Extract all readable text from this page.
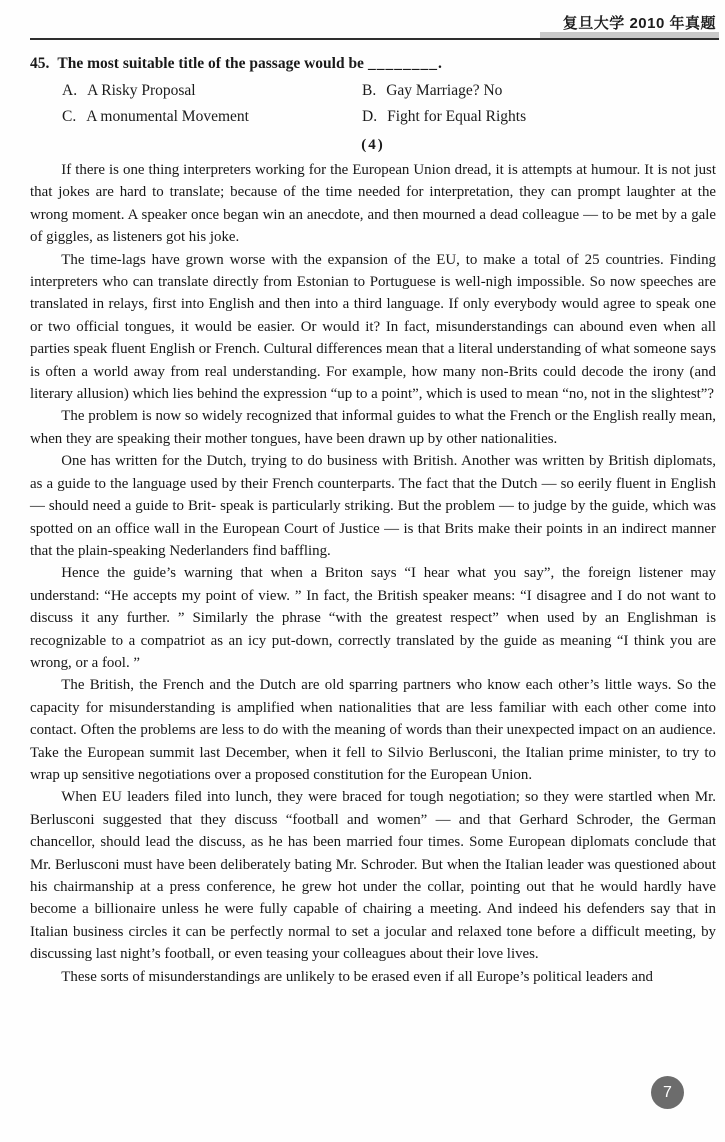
复旦大学 2010 年真题
45. The most suitable title of the passage would be ________.
A. A Risky Proposal	B. Gay Marriage? No
C. A monumental Movement	D. Fight for Equal Rights
(4)

If there is one thing interpreters working for the European Union dread, it is attempts at humour. It is not just that jokes are hard to translate; because of the time needed for interpretation, they can prompt laughter at the wrong moment. A speaker once began win an anecdote, and then mourned a dead colleague — to be met by a gale of giggles, as listeners got his joke.

The time-lags have grown worse with the expansion of the EU, to make a total of 25 countries. Finding interpreters who can translate directly from Estonian to Portuguese is well-nigh impossible. So now speeches are translated in relays, first into English and then into a third language. If only everybody would agree to speak one or two official tongues, it would be easier. Or would it? In fact, misunderstandings can abound even when all parties speak fluent English or French. Cultural differences mean that a literal understanding of what someone says is often a world away from real understanding. For example, how many non-Brits could decode the irony (and literary allusion) which lies behind the expression “up to a point”, which is used to mean “no, not in the slightest”?

The problem is now so widely recognized that informal guides to what the French or the English really mean, when they are speaking their mother tongues, have been drawn up by other nationalities.

One has written for the Dutch, trying to do business with British. Another was written by British diplomats, as a guide to the language used by their French counterparts. The fact that the Dutch — so eerily fluent in English — should need a guide to Brit- speak is particularly striking. But the problem — to judge by the guide, which was spotted on an office wall in the European Court of Justice — is that Brits make their points in an indirect manner that the plain-speaking Nederlanders find baffling.

Hence the guide’s warning that when a Briton says “I hear what you say”, the foreign listener may understand: “He accepts my point of view. ” In fact, the British speaker means: “I disagree and I do not want to discuss it any further. ” Similarly the phrase “with the greatest respect” when used by an Englishman is recognizable to a compatriot as an icy put-down, correctly translated by the guide as meaning “I think you are wrong, or a fool. ”

The British, the French and the Dutch are old sparring partners who know each other’s little ways. So the capacity for misunderstanding is amplified when nationalities that are less familiar with each other come into contact. Often the problems are less to do with the meaning of words than their unexpected impact on an audience. Take the European summit last December, when it fell to Silvio Berlusconi, the Italian prime minister, to try to wrap up sensitive negotiations over a proposed constitution for the European Union.

When EU leaders filed into lunch, they were braced for tough negotiation; so they were startled when Mr. Berlusconi suggested that they discuss “football and women” — and that Gerhard Schroder, the German chancellor, should lead the discuss, as he has been married four times. Some European diplomats conclude that Mr. Berlusconi must have been deliberately bating Mr. Schroder. But when the Italian leader was questioned about his chairmanship at a press conference, he grew hot under the collar, pointing out that he would hardly have become a billionaire unless he were fully capable of chairing a meeting. And indeed his defenders say that in Italian business circles it can be perfectly normal to set a jocular and relaxed tone before a difficult meeting, by discussing last night’s football, or even teasing your colleagues about their love lives.

These sorts of misunderstandings are unlikely to be erased even if all Europe’s political leaders and

7
